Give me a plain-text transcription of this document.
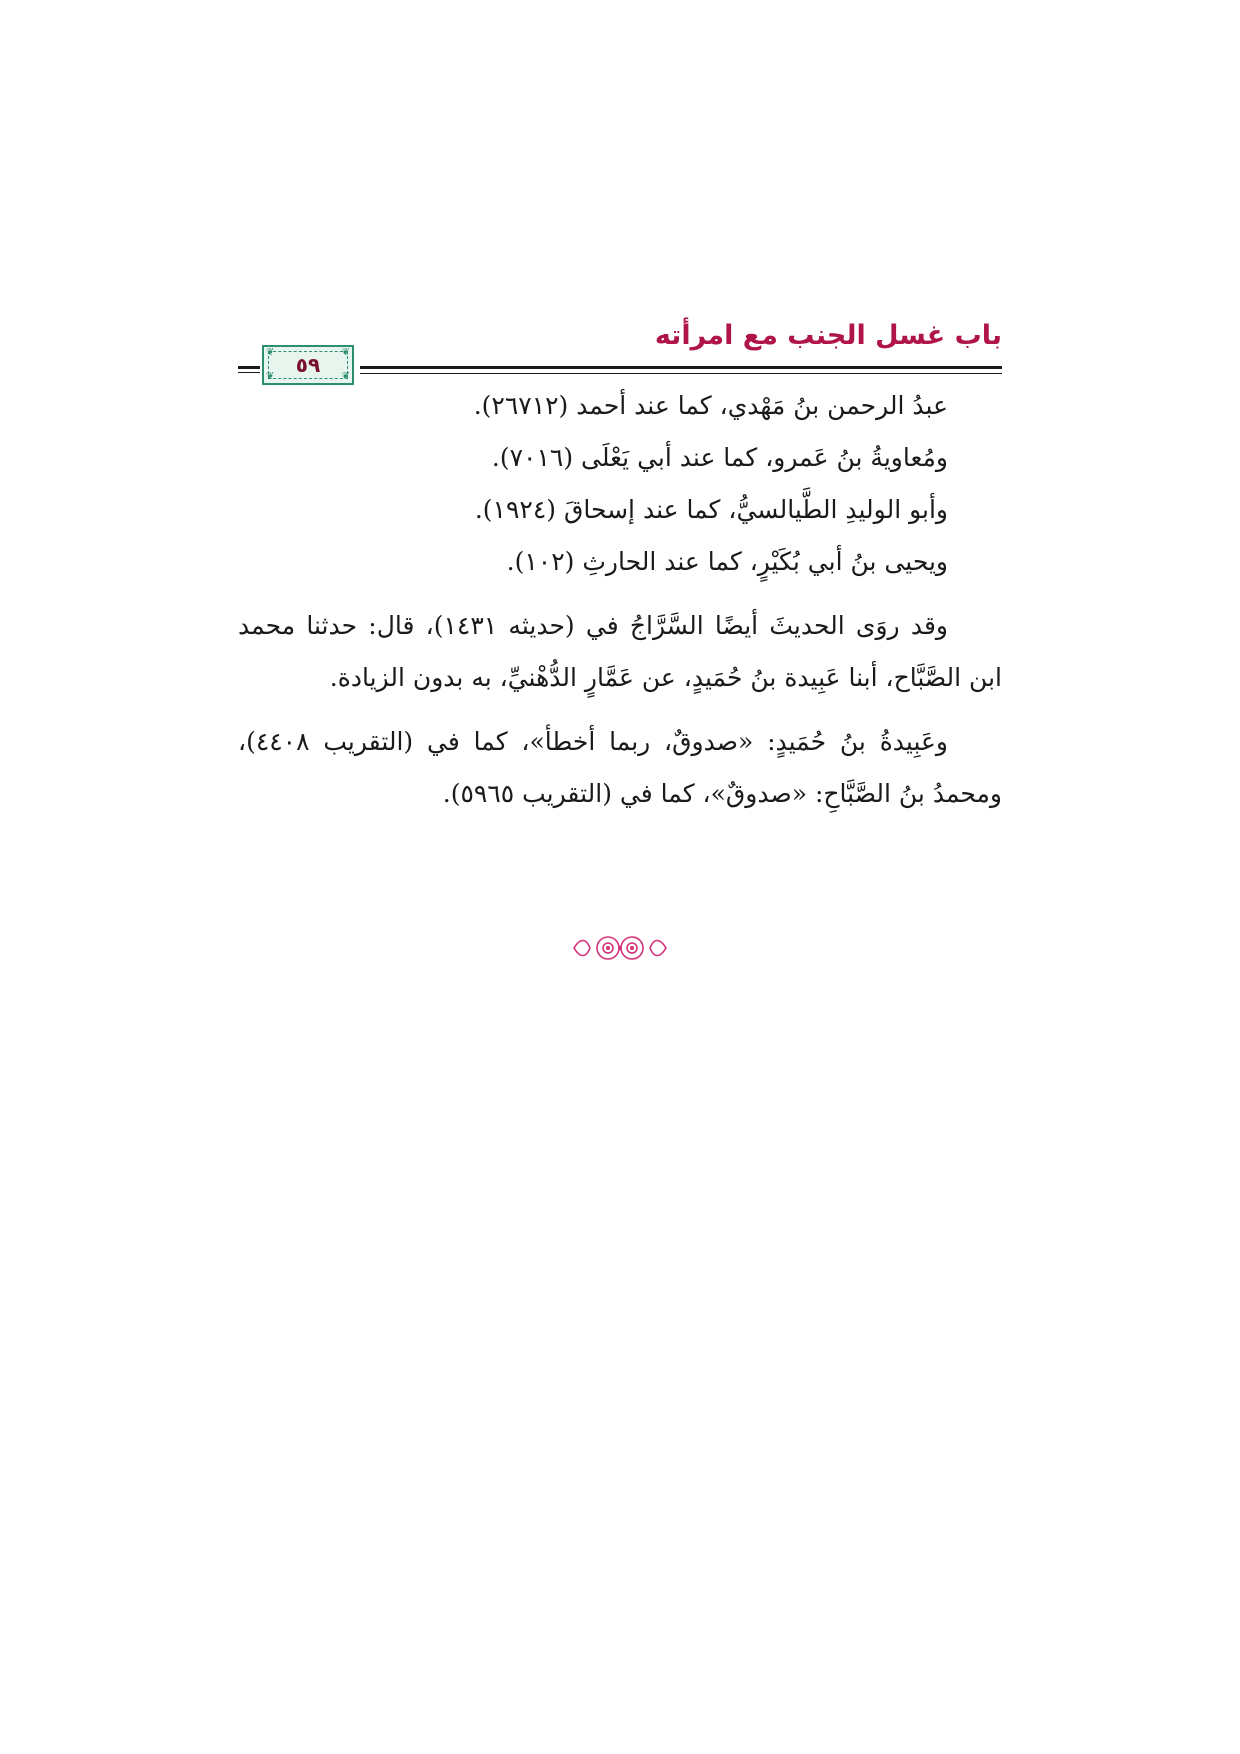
باب غسل الجنب مع امرأته
❦	❦
❦	❦
٥٩

عبدُ الرحمن بنُ مَهْدي، كما عند أحمد (٢٦٧١٢).

ومُعاويةُ بنُ عَمرو، كما عند أبي يَعْلَى (٧٠١٦).

وأبو الوليدِ الطَّيالسيُّ، كما عند إسحاقَ (١٩٢٤).

ويحيى بنُ أبي بُكَيْرٍ، كما عند الحارثِ (١٠٢).

وقد روَى الحديثَ أيضًا السَّرَّاجُ في (حديثه ١٤٣١)، قال: حدثنا محمد ابن الصَّبَّاح، أبنا عَبِيدة بنُ حُمَيدٍ، عن عَمَّارٍ الدُّهْنيِّ، به بدون الزيادة.

وعَبِيدةُ بنُ حُمَيدٍ: «صدوقٌ، ربما أخطأ»، كما في (التقريب ٤٤٠٨)، ومحمدُ بنُ الصَّبَّاحِ: «صدوقٌ»، كما في (التقريب ٥٩٦٥).
